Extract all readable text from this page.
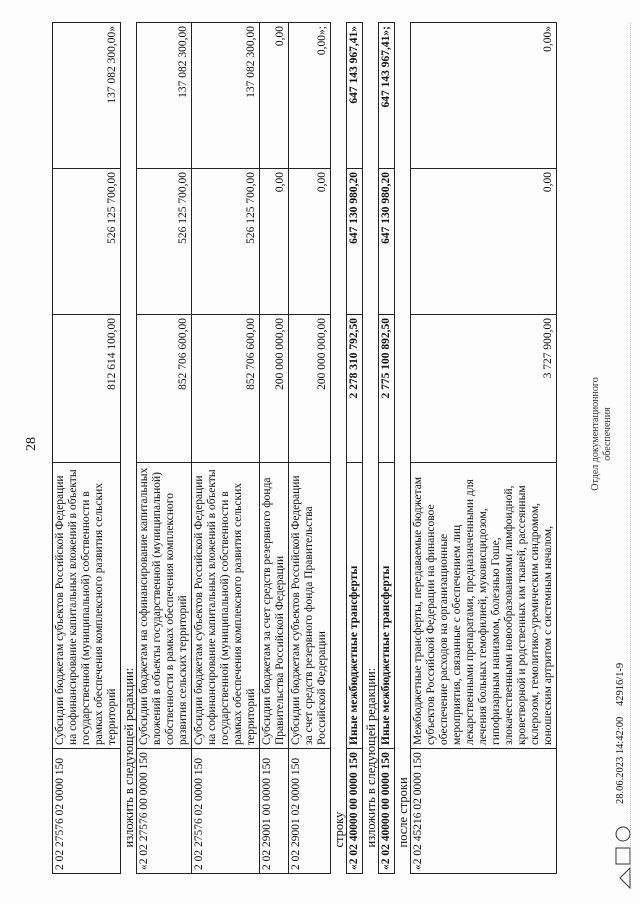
28
2 02 27576 02 0000 150	Субсидии бюджетам субъектов Российской Федерации на софинансирование капитальных вложений в объекты государственной (муниципальной) собственности в рамках обеспечения комплексного развития сельских территорий	812 614 100,00	526 125 700,00	137 082 300,00»
изложить в следующей редакции:				
«2 02 27576 00 0000 150	Субсидии бюджетам на софинансирование капитальных вложений в объекты государственной (муниципальной) собственности в рамках обеспечения комплексного развития сельских территорий	852 706 600,00	526 125 700,00	137 082 300,00
2 02 27576 02 0000 150	Субсидии бюджетам субъектов Российской Федерации на софинансирование капитальных вложений в объекты государственной (муниципальной) собственности в рамках обеспечения комплексного развития сельских территорий	852 706 600,00	526 125 700,00	137 082 300,00
2 02 29001 00 0000 150	Субсидии бюджетам за счет средств резервного фонда Правительства Российской Федерации	200 000 000,00	0,00	0,00
2 02 29001 02 0000 150	Субсидии бюджетам субъектов Российской Федерации за счет средств резервного фонда Правительства Российской Федерации	200 000 000,00	0,00	0,00»;
строку				
«2 02 40000 00 0000 150	Иные межбюджетные трансферты	2 278 310 792,50	647 130 980,20	647 143 967,41»
изложить в следующей редакции:				
«2 02 40000 00 0000 150	Иные межбюджетные трансферты	2 775 100 892,50	647 130 980,20	647 143 967,41»;
после строки				
«2 02 45216 02 0000 150	Межбюджетные трансферты, передаваемые бюджетам субъектов Российской Федерации на финансовое обеспечение расходов на организационные мероприятия, связанные с обеспечением лиц лекарственными препаратами, предназначенными для лечения больных гемофилией, муковисцидозом, гипофизарным нанизмом, болезнью Гоше, злокачественными новообразованиями лимфоидной, кроветворной и родственных им тканей, рассеянным склерозом, гемолитико-уремическим синдромом, юношеским артритом с системным началом,	3 727 900,00	0,00	0,00»
28.06.2023 14:42:00
42916/1-9
Отдел документационного обеспечения
